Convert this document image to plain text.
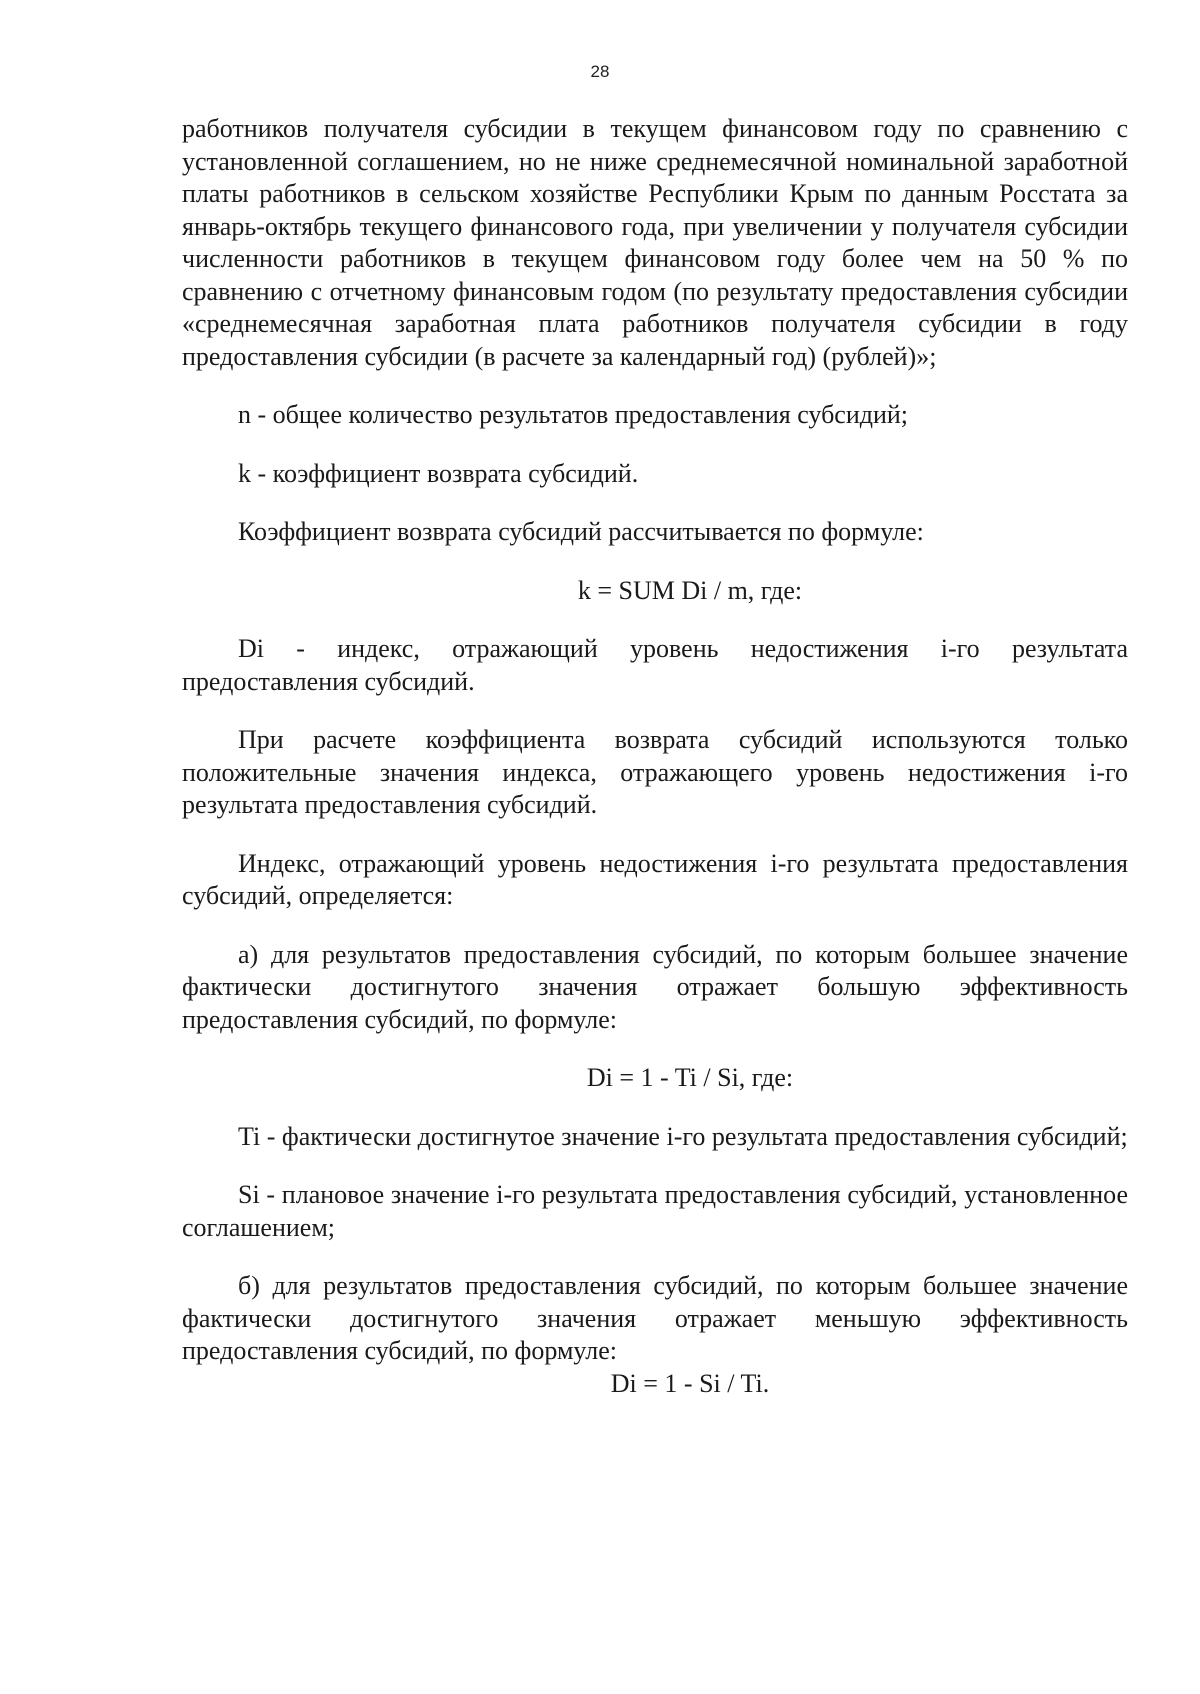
28

работников получателя субсидии в текущем финансовом году по сравнению с установленной соглашением, но не ниже среднемесячной номинальной заработной платы работников в сельском хозяйстве Республики Крым по данным Росстата за январь-октябрь текущего финансового года, при увеличении у получателя субсидии численности работников в текущем финансовом году более чем на 50 % по сравнению с отчетному финансовым годом (по результату предоставления субсидии «среднемесячная заработная плата работников получателя субсидии в году предоставления субсидии (в расчете за календарный год) (рублей)»;

n - общее количество результатов предоставления субсидий;

k - коэффициент возврата субсидий.

Коэффициент возврата субсидий рассчитывается по формуле:

k = SUM Di / m, где:

Di - индекс, отражающий уровень недостижения i-го результата предоставления субсидий.

При расчете коэффициента возврата субсидий используются только положительные значения индекса, отражающего уровень недостижения i-го результата предоставления субсидий.

Индекс, отражающий уровень недостижения i-го результата предоставления субсидий, определяется:

а) для результатов предоставления субсидий, по которым большее значение фактически достигнутого значения отражает большую эффективность предоставления субсидий, по формуле:

Di = 1 - Ti / Si, где:

Ti - фактически достигнутое значение i-го результата предоставления субсидий;

Si - плановое значение i-го результата предоставления субсидий, установленное соглашением;

б) для результатов предоставления субсидий, по которым большее значение фактически достигнутого значения отражает меньшую эффективность предоставления субсидий, по формуле:

Di = 1 - Si / Ti.
